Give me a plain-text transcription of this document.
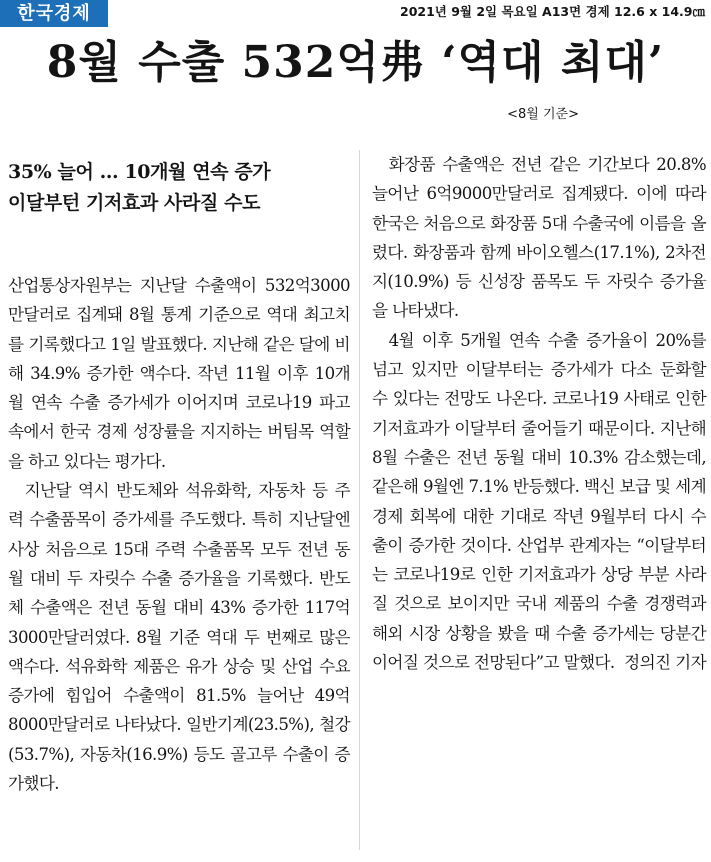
한국경제	2021년 9월 2일 목요일 A13면 경제 12.6 x 14.9㎝
8월 수출 532억弗 ‘역대 최대’
<8월 기준>
35% 늘어 … 10개월 연속 증가
이달부턴 기저효과 사라질 수도

산업통상자원부는 지난달 수출액이 532억3000만달러로 집계돼 8월 통계 기준으로 역대 최고치를 기록했다고 1일 발표했다. 지난해 같은 달에 비해 34.9% 증가한 액수다. 작년 11월 이후 10개월 연속 수출 증가세가 이어지며 코로나19 파고 속에서 한국 경제 성장률을 지지하는 버팀목 역할을 하고 있다는 평가다.

지난달 역시 반도체와 석유화학, 자동차 등 주력 수출품목이 증가세를 주도했다. 특히 지난달엔 사상 처음으로 15대 주력 수출품목 모두 전년 동월 대비 두 자릿수 수출 증가율을 기록했다. 반도체 수출액은 전년 동월 대비 43% 증가한 117억3000만달러였다. 8월 기준 역대 두 번째로 많은 액수다. 석유화학 제품은 유가 상승 및 산업 수요 증가에 힘입어 수출액이 81.5% 늘어난 49억8000만달러로 나타났다. 일반기계(23.5%), 철강(53.7%), 자동차(16.9%) 등도 골고루 수출이 증가했다.

화장품 수출액은 전년 같은 기간보다 20.8% 늘어난 6억9000만달러로 집계됐다. 이에 따라 한국은 처음으로 화장품 5대 수출국에 이름을 올렸다. 화장품과 함께 바이오헬스(17.1%), 2차전지(10.9%) 등 신성장 품목도 두 자릿수 증가율을 나타냈다.

4월 이후 5개월 연속 수출 증가율이 20%를 넘고 있지만 이달부터는 증가세가 다소 둔화할 수 있다는 전망도 나온다. 코로나19 사태로 인한 기저효과가 이달부터 줄어들기 때문이다. 지난해 8월 수출은 전년 동월 대비 10.3% 감소했는데, 같은해 9월엔 7.1% 반등했다. 백신 보급 및 세계 경제 회복에 대한 기대로 작년 9월부터 다시 수출이 증가한 것이다. 산업부 관계자는 “이달부터는 코로나19로 인한 기저효과가 상당 부분 사라질 것으로 보이지만 국내 제품의 수출 경쟁력과 해외 시장 상황을 봤을 때 수출 증가세는 당분간 이어질 것으로 전망된다”고 말했다. 정의진 기자
